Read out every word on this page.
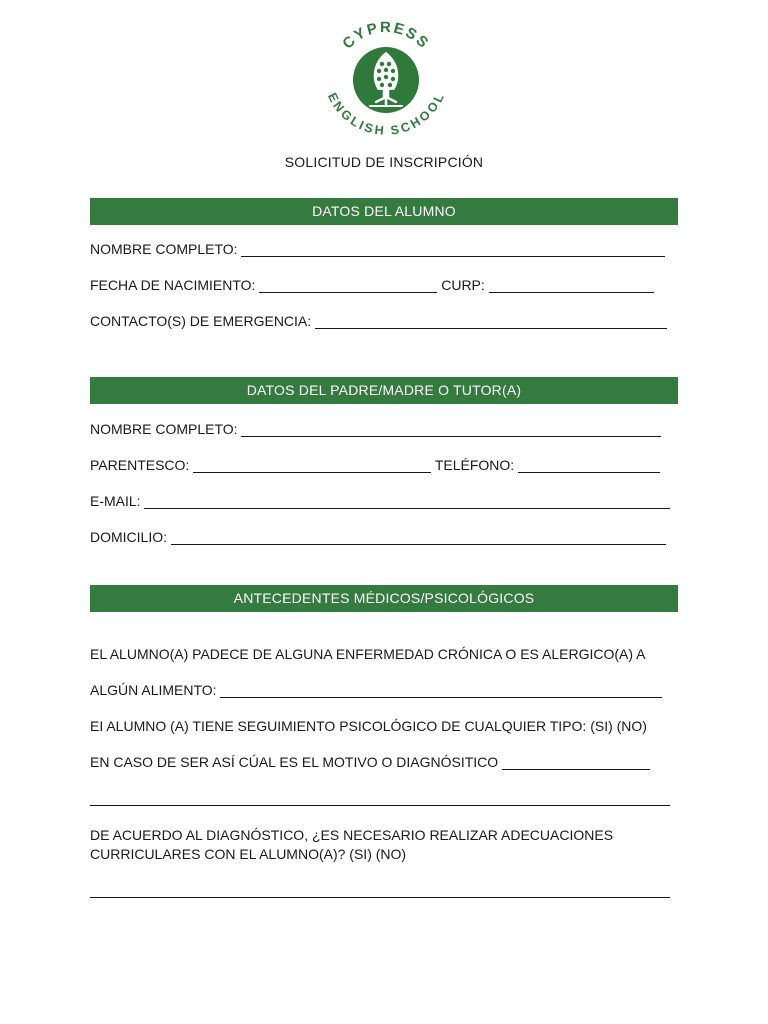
CYPRESS
ENGLISH SCHOOL
SOLICITUD DE INSCRIPCIÓN
DATOS DEL ALUMNO
NOMBRE COMPLETO:
FECHA DE NACIMIENTO:	CURP:
CONTACTO(S) DE EMERGENCIA:
DATOS DEL PADRE/MADRE O TUTOR(A)
NOMBRE COMPLETO:
PARENTESCO:	TELÉFONO:
E-MAIL:
DOMICILIO:
ANTECEDENTES MÉDICOS/PSICOLÓGICOS
EL ALUMNO(A) PADECE DE ALGUNA ENFERMEDAD CRÓNICA O ES ALERGICO(A) A
ALGÚN ALIMENTO:
EI ALUMNO (A) TIENE SEGUIMIENTO PSICOLÓGICO DE CUALQUIER TIPO: (SI) (NO)
EN CASO DE SER ASÍ CÚAL ES EL MOTIVO O DIAGNÓSITICO
DE ACUERDO AL DIAGNÓSTICO, ¿ES NECESARIO REALIZAR ADECUACIONES CURRICULARES CON EL ALUMNO(A)? (SI) (NO)
